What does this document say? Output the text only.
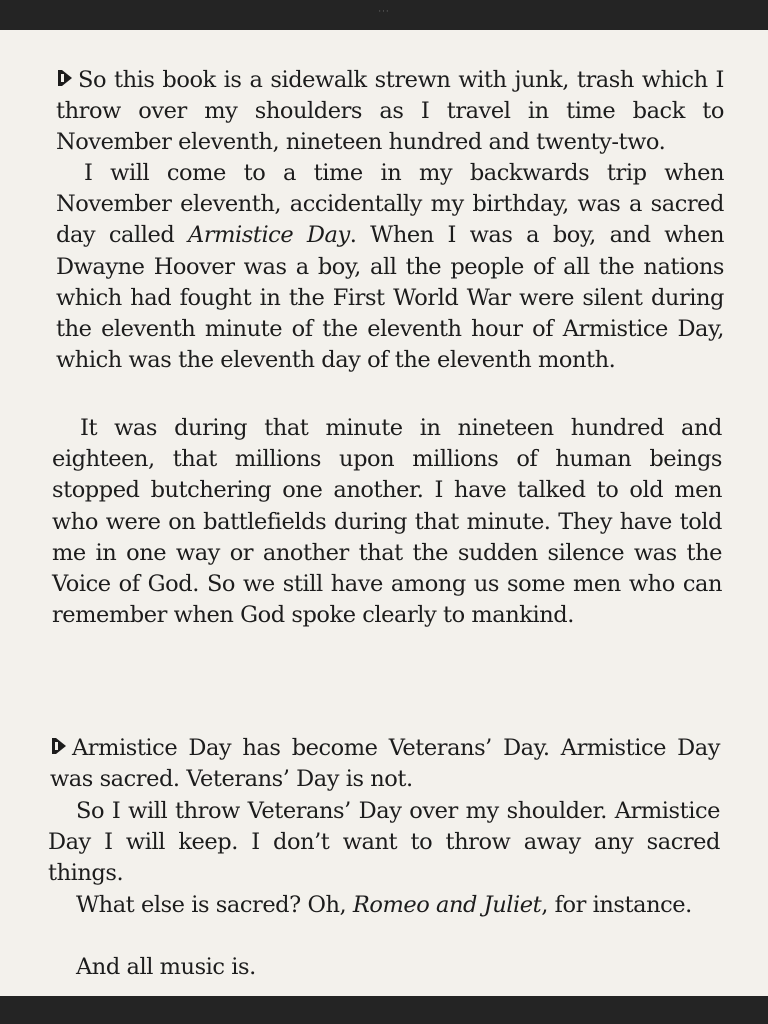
···

So this book is a sidewalk strewn with junk, trash which I throw over my shoulders as I travel in time back to November eleventh, nineteen hundred and twenty-two.

I will come to a time in my backwards trip when November eleventh, accidentally my birthday, was a sacred day called Armistice Day. When I was a boy, and when Dwayne Hoover was a boy, all the people of all the nations which had fought in the First World War were silent during the eleventh minute of the eleventh hour of Armistice Day, which was the eleventh day of the eleventh month.

It was during that minute in nineteen hundred and eighteen, that millions upon millions of human beings stopped butchering one another. I have talked to old men who were on battlefields during that minute. They have told me in one way or another that the sudden silence was the Voice of God. So we still have among us some men who can remember when God spoke clearly to mankind.

Armistice Day has become Veterans’ Day. Armistice Day was sacred. Veterans’ Day is not.

So I will throw Veterans’ Day over my shoulder. Armistice Day I will keep. I don’t want to throw away any sacred things.

What else is sacred? Oh, Romeo and Juliet, for instance.

And all music is.
